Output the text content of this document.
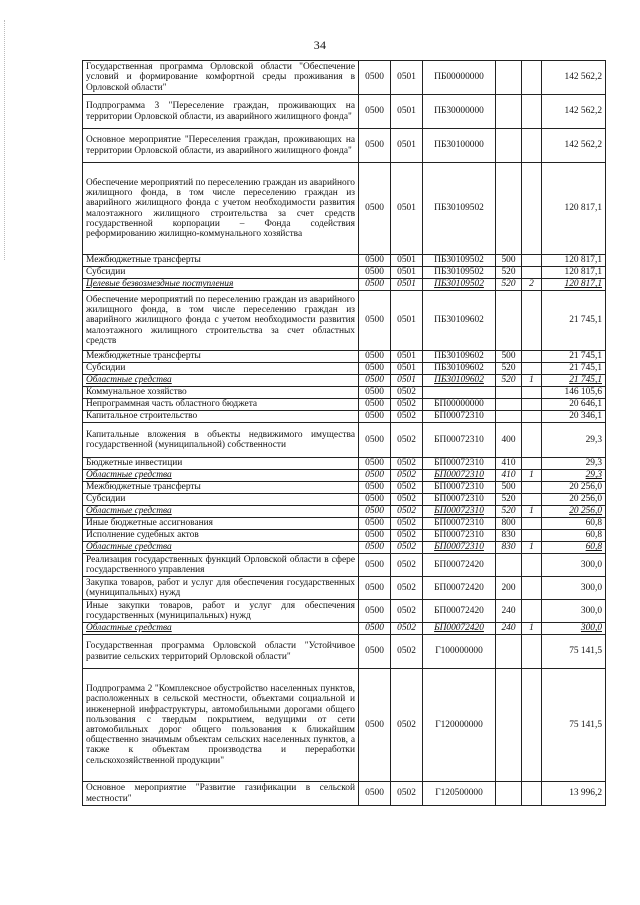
34
Государственная программа Орловской области "Обеспечение условий и формирование комфортной среды проживания в Орловской области"	0500	0501	ПБ00000000			142 562,2
Подпрограмма 3 "Переселение граждан, проживающих на территории Орловской области, из аварийного жилищного фонда"	0500	0501	ПБ30000000			142 562,2
Основное мероприятие "Переселения граждан, проживающих на территории Орловской области, из аварийного жилищного фонда"	0500	0501	ПБ30100000			142 562,2
Обеспечение мероприятий по переселению граждан из аварийного жилищного фонда, в том числе переселению граждан из аварийного жилищного фонда с учетом необходимости развития малоэтажного жилищного строительства за счет средств государственной корпорации – Фонда содействия реформированию жилищно-коммунального хозяйства	0500	0501	ПБ30109502			120 817,1
Межбюджетные трансферты	0500	0501	ПБ30109502	500		120 817,1
Субсидии	0500	0501	ПБ30109502	520		120 817,1
Целевые безвозмездные поступления	0500	0501	ПБ30109502	520	2	120 817,1
Обеспечение мероприятий по переселению граждан из аварийного жилищного фонда, в том числе переселению граждан из аварийного жилищного фонда с учетом необходимости развития малоэтажного жилищного строительства за счет областных средств	0500	0501	ПБ30109602			21 745,1
Межбюджетные трансферты	0500	0501	ПБ30109602	500		21 745,1
Субсидии	0500	0501	ПБ30109602	520		21 745,1
Областные средства	0500	0501	ПБ30109602	520	1	21 745,1
Коммунальное хозяйство	0500	0502				146 105,6
Непрограммная часть областного бюджета	0500	0502	БП00000000			20 646,1
Капитальное строительство	0500	0502	БП00072310			20 346,1
Капитальные вложения в объекты недвижимого имущества государственной (муниципальной) собственности	0500	0502	БП00072310	400		29,3
Бюджетные инвестиции	0500	0502	БП00072310	410		29,3
Областные средства	0500	0502	БП00072310	410	1	29,3
Межбюджетные трансферты	0500	0502	БП00072310	500		20 256,0
Субсидии	0500	0502	БП00072310	520		20 256,0
Областные средства	0500	0502	БП00072310	520	1	20 256,0
Иные бюджетные ассигнования	0500	0502	БП00072310	800		60,8
Исполнение судебных актов	0500	0502	БП00072310	830		60,8
Областные средства	0500	0502	БП00072310	830	1	60,8
Реализация государственных функций Орловской области в сфере государственного управления	0500	0502	БП00072420			300,0
Закупка товаров, работ и услуг для обеспечения государственных (муниципальных) нужд	0500	0502	БП00072420	200		300,0
Иные закупки товаров, работ и услуг для обеспечения государственных (муниципальных) нужд	0500	0502	БП00072420	240		300,0
Областные средства	0500	0502	БП00072420	240	1	300,0
Государственная программа Орловской области "Устойчивое развитие сельских территорий Орловской области"	0500	0502	Г100000000			75 141,5
Подпрограмма 2 "Комплексное обустройство населенных пунктов, расположенных в сельской местности, объектами социальной и инженерной инфраструктуры, автомобильными дорогами общего пользования с твердым покрытием, ведущими от сети автомобильных дорог общего пользования к ближайшим общественно значимым объектам сельских населенных пунктов, а также к объектам производства и переработки сельскохозяйственной продукции"	0500	0502	Г120000000			75 141,5
Основное мероприятие "Развитие газификации в сельской местности"	0500	0502	Г120500000			13 996,2
